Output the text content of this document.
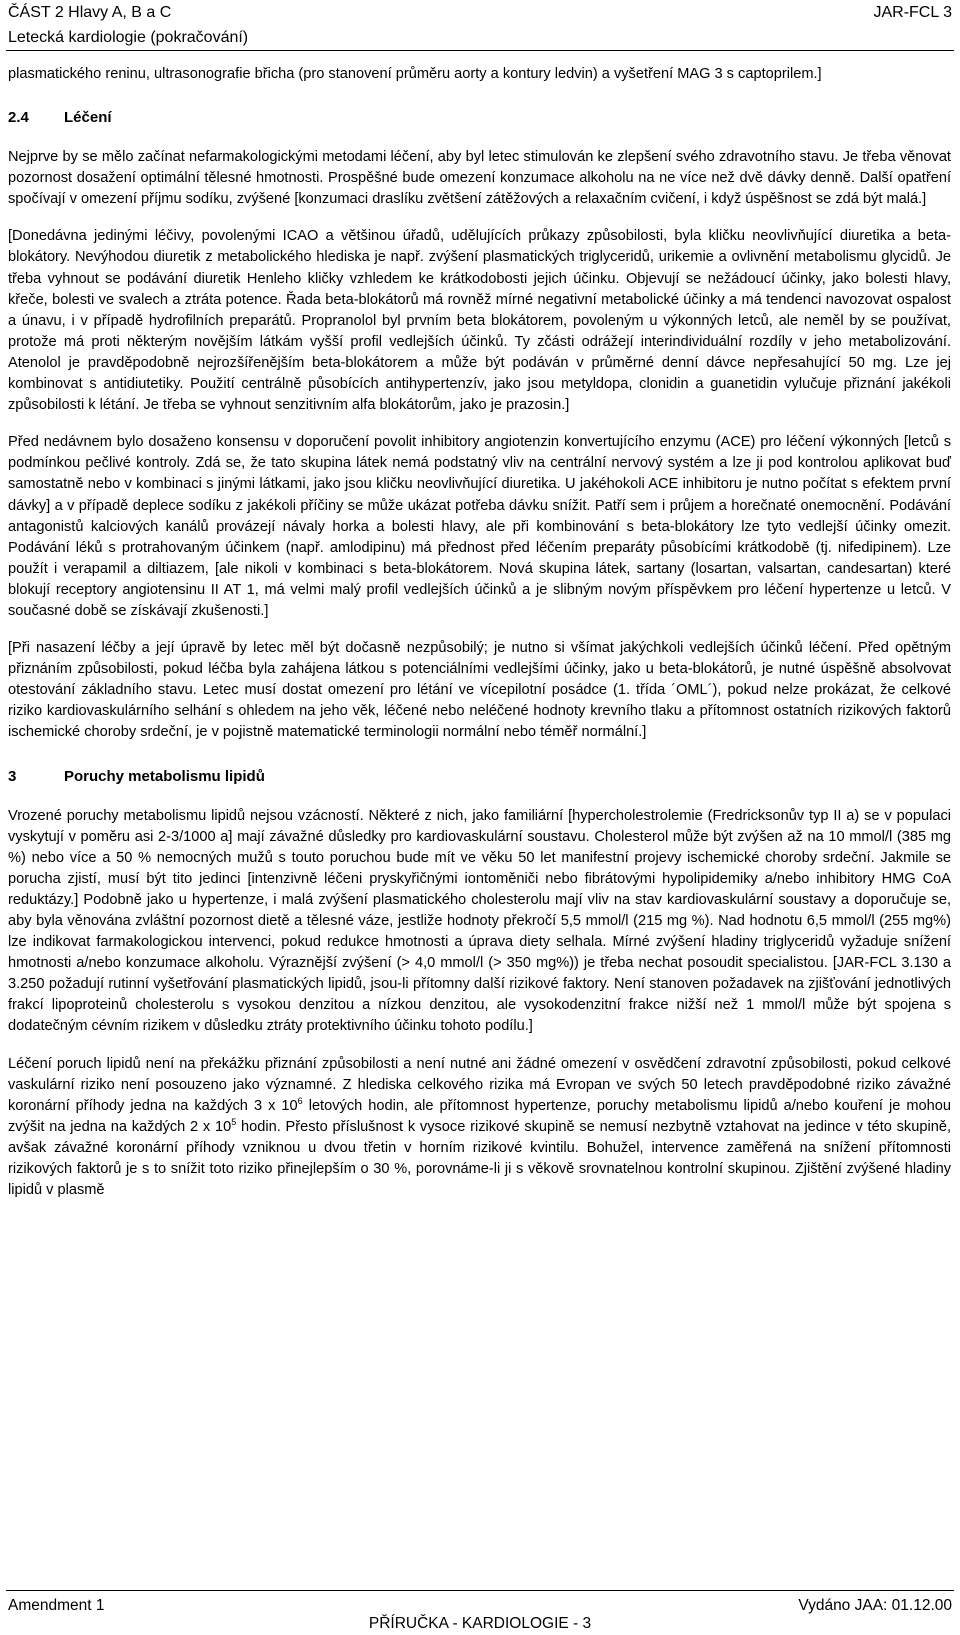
ČÁST 2 Hlavy A, B a C	JAR-FCL 3
Letecká kardiologie (pokračování)

plasmatického reninu, ultrasonografie břicha (pro stanovení průměru aorty a kontury ledvin) a vyšetření MAG 3 s captoprilem.]

2.4	Léčení

Nejprve by se mělo začínat nefarmakologickými metodami léčení, aby byl letec stimulován ke zlepšení svého zdravotního stavu. Je třeba věnovat pozornost dosažení optimální tělesné hmotnosti. Prospěšné bude omezení konzumace alkoholu na ne více než dvě dávky denně. Další opatření spočívají v omezení příjmu sodíku, zvýšené [konzumaci draslíku zvětšení zátěžových a relaxačním cvičení, i když úspěšnost se zdá být malá.]

[Donedávna jedinými léčivy, povolenými ICAO a většinou úřadů, udělujících průkazy způsobilosti, byla kličku neovlivňující diuretika a beta-blokátory. Nevýhodou diuretik z metabolického hlediska je např. zvýšení plasmatických triglyceridů, urikemie a ovlivnění metabolismu glycidů. Je třeba vyhnout se podávání diuretik Henleho kličky vzhledem ke krátkodobosti jejich účinku. Objevují se nežádoucí účinky, jako bolesti hlavy, křeče, bolesti ve svalech a ztráta potence. Řada beta-blokátorů má rovněž mírné negativní metabolické účinky a má tendenci navozovat ospalost a únavu, i v případě hydrofilních preparátů. Propranolol byl prvním beta blokátorem, povoleným u výkonných letců, ale neměl by se používat, protože má proti některým novějším látkám vyšší profil vedlejších účinků. Ty zčásti odrážejí interindividuální rozdíly v jeho metabolizování. Atenolol je pravděpodobně nejrozšířenějším beta-blokátorem a může být podáván v průměrné denní dávce nepřesahující 50 mg. Lze jej kombinovat s antidiutetiky. Použití centrálně působících antihypertenzív, jako jsou metyldopa, clonidin a guanetidin vylučuje přiznání jakékoli způsobilosti k létání. Je třeba se vyhnout senzitivním alfa blokátorům, jako je prazosin.]

Před nedávnem bylo dosaženo konsensu v doporučení povolit inhibitory angiotenzin konvertujícího enzymu (ACE) pro léčení výkonných [letců s podmínkou pečlivé kontroly. Zdá se, že tato skupina látek nemá podstatný vliv na centrální nervový systém a lze ji pod kontrolou aplikovat buď samostatně nebo v kombinaci s jinými látkami, jako jsou kličku neovlivňující diuretika. U jakéhokoli ACE inhibitoru je nutno počítat s efektem první dávky] a v případě deplece sodíku z jakékoli příčiny se může ukázat potřeba dávku snížit. Patří sem i průjem a horečnaté onemocnění. Podávání antagonistů kalciových kanálů provázejí návaly horka a bolesti hlavy, ale při kombinování s beta-blokátory lze tyto vedlejší účinky omezit. Podávání léků s protrahovaným účinkem (např. amlodipinu) má přednost před léčením preparáty působícími krátkodobě (tj. nifedipinem). Lze použít i verapamil a diltiazem, [ale nikoli v kombinaci s beta-blokátorem. Nová skupina látek, sartany (losartan, valsartan, candesartan) které blokují receptory angiotensinu II AT 1, má velmi malý profil vedlejších účinků a je slibným novým příspěvkem pro léčení hypertenze u letců. V současné době se získávají zkušenosti.]

[Při nasazení léčby a její úpravě by letec měl být dočasně nezpůsobilý; je nutno si všímat jakýchkoli vedlejších účinků léčení. Před opětným přiznáním způsobilosti, pokud léčba byla zahájena látkou s potenciálními vedlejšími účinky, jako u beta-blokátorů, je nutné úspěšně absolvovat otestování základního stavu. Letec musí dostat omezení pro létání ve vícepilotní posádce (1. třída ´OML´), pokud nelze prokázat, že celkové riziko kardiovaskulárního selhání s ohledem na jeho věk, léčené nebo neléčené hodnoty krevního tlaku a přítomnost ostatních rizikových faktorů ischemické choroby srdeční, je v pojistně matematické terminologii normální nebo téměř normální.]

3	Poruchy metabolismu lipidů

Vrozené poruchy metabolismu lipidů nejsou vzácností. Některé z nich, jako familiární [hypercholestrolemie (Fredricksonův typ II a) se v populaci vyskytují v poměru asi 2-3/1000 a] mají závažné důsledky pro kardiovaskulární soustavu. Cholesterol může být zvýšen až na 10 mmol/l (385 mg %) nebo více a 50 % nemocných mužů s touto poruchou bude mít ve věku 50 let manifestní projevy ischemické choroby srdeční. Jakmile se porucha zjistí, musí být tito jedinci [intenzivně léčeni pryskyřičnými iontoměniči nebo fibrátovými hypolipidemiky a/nebo inhibitory HMG CoA reduktázy.] Podobně jako u hypertenze, i malá zvýšení plasmatického cholesterolu mají vliv na stav kardiovaskulární soustavy a doporučuje se, aby byla věnována zvláštní pozornost dietě a tělesné váze, jestliže hodnoty překročí 5,5 mmol/l (215 mg %). Nad hodnotu 6,5 mmol/l (255 mg%) lze indikovat farmakologickou intervenci, pokud redukce hmotnosti a úprava diety selhala. Mírné zvýšení hladiny triglyceridů vyžaduje snížení hmotnosti a/nebo konzumace alkoholu. Výraznější zvýšení (> 4,0 mmol/l (> 350 mg%)) je třeba nechat posoudit specialistou. [JAR-FCL 3.130 a 3.250 požadují rutinní vyšetřování plasmatických lipidů, jsou-li přítomny další rizikové faktory. Není stanoven požadavek na zjišťování jednotlivých frakcí lipoproteinů cholesterolu s vysokou denzitou a nízkou denzitou, ale vysokodenzitní frakce nižší než 1 mmol/l může být spojena s dodatečným cévním rizikem v důsledku ztráty protektivního účinku tohoto podílu.]

Léčení poruch lipidů není na překážku přiznání způsobilosti a není nutné ani žádné omezení v osvědčení zdravotní způsobilosti, pokud celkové vaskulární riziko není posouzeno jako významné. Z hlediska celkového rizika má Evropan ve svých 50 letech pravděpodobné riziko závažné koronární příhody jedna na každých 3 x $10^6$ letových hodin, ale přítomnost hypertenze, poruchy metabolismu lipidů a/nebo kouření je mohou zvýšit na jedna na každých 2 x $10^5$ hodin. Přesto příslušnost k vysoce rizikové skupině se nemusí nezbytně vztahovat na jedince v této skupině, avšak závažné koronární příhody vzniknou u dvou třetin v horním rizikové kvintilu. Bohužel, intervence zaměřená na snížení přítomnosti rizikových faktorů je s to snížit toto riziko přinejlepším o 30 %, porovnáme-li ji s věkově srovnatelnou kontrolní skupinou. Zjištění zvýšené hladiny lipidů v plasmě

Amendment 1	Vydáno JAA: 01.12.00
PŘÍRUČKA - KARDIOLOGIE - 3
